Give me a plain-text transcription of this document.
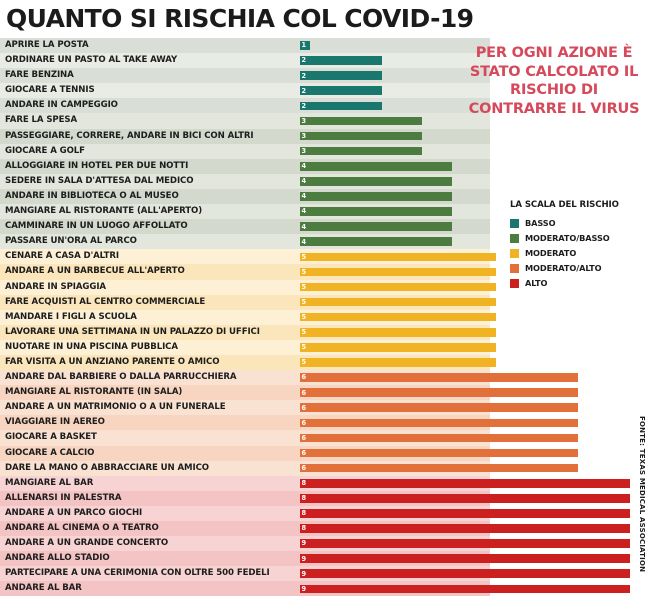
QUANTO SI RISCHIA COL COVID-19
APRIRE LA POSTA	1
ORDINARE UN PASTO AL TAKE AWAY	2
FARE BENZINA	2
GIOCARE A TENNIS	2
ANDARE IN CAMPEGGIO	2
FARE LA SPESA	3
PASSEGGIARE, CORRERE, ANDARE IN BICI CON ALTRI	3
GIOCARE A GOLF	3
ALLOGGIARE IN HOTEL PER DUE NOTTI	4
SEDERE IN SALA D'ATTESA DAL MEDICO	4
ANDARE IN BIBLIOTECA O AL MUSEO	4
MANGIARE AL RISTORANTE (ALL'APERTO)	4
CAMMINARE IN UN LUOGO AFFOLLATO	4
PASSARE UN'ORA AL PARCO	4
CENARE A CASA D'ALTRI	5
ANDARE A UN BARBECUE ALL'APERTO	5
ANDARE IN SPIAGGIA	5
FARE ACQUISTI AL CENTRO COMMERCIALE	5
MANDARE I FIGLI A SCUOLA	5
LAVORARE UNA SETTIMANA IN UN PALAZZO DI UFFICI	5
NUOTARE IN UNA PISCINA PUBBLICA	5
FAR VISITA A UN ANZIANO PARENTE O AMICO	5
ANDARE DAL BARBIERE O DALLA PARRUCCHIERA	6
MANGIARE AL RISTORANTE (IN SALA)	6
ANDARE A UN MATRIMONIO O A UN FUNERALE	6
VIAGGIARE IN AEREO	6
GIOCARE A BASKET	6
GIOCARE A CALCIO	6
DARE LA MANO O ABBRACCIARE UN AMICO	6
MANGIARE AL BAR	8
ALLENARSI IN PALESTRA	8
ANDARE A UN PARCO GIOCHI	8
ANDARE AL CINEMA O A TEATRO	8
ANDARE A UN GRANDE CONCERTO	9
ANDARE ALLO STADIO	9
PARTECIPARE A UNA CERIMONIA CON OLTRE 500 FEDELI	9
ANDARE AL BAR	9
PER OGNI AZIONE È STATO CALCOLATO IL RISCHIO DI CONTRARRE IL VIRUS
LA SCALA DEL RISCHIO
BASSO
MODERATO/BASSO
MODERATO
MODERATO/ALTO
ALTO
FONTE: TEXAS MEDICAL ASSOCIATION
